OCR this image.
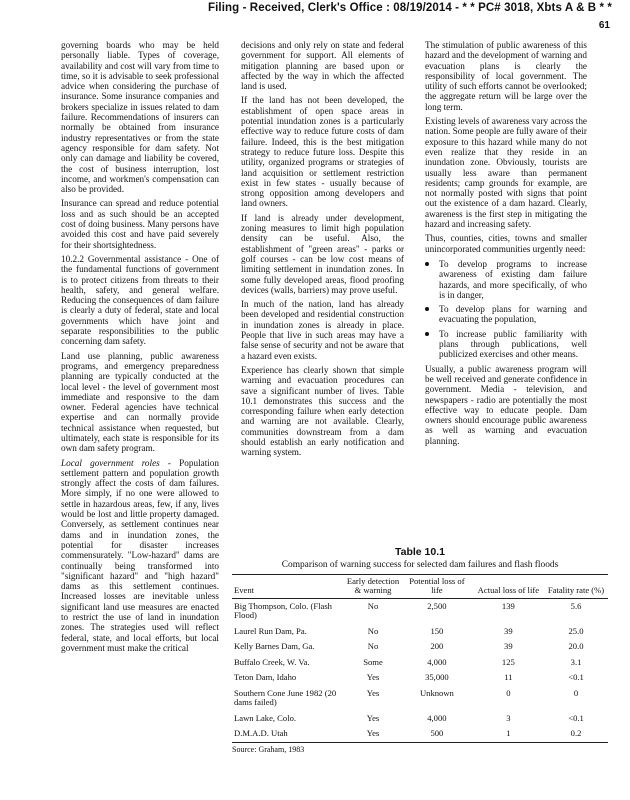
Filing - Received, Clerk's Office : 08/19/2014 - * * PC# 3018, Xbts A & B * *
61

governing boards who may be held personally liable. Types of coverage, availability and cost will vary from time to time, so it is advisable to seek professional advice when considering the purchase of insurance. Some insurance companies and brokers specialize in issues related to dam failure. Recommendations of insurers can normally be obtained from insurance industry representatives or from the state agency responsible for dam safety. Not only can damage and liability be covered, the cost of business interruption, lost income, and workmen's compensation can also be provided.

Insurance can spread and reduce potential loss and as such should be an accepted cost of doing business. Many persons have avoided this cost and have paid severely for their shortsightedness.

10.2.2 Governmental assistance - One of the fundamental functions of government is to protect citizens from threats to their health, safety, and general welfare. Reducing the consequences of dam failure is clearly a duty of federal, state and local governments which have joint and separate responsibilities to the public concerning dam safety.

Land use planning, public awareness programs, and emergency preparedness planning are typically conducted at the local level - the level of government most immediate and responsive to the dam owner. Federal agencies have technical expertise and can normally provide technical assistance when requested, but ultimately, each state is responsible for its own dam safety program.

Local government roles - Population settlement pattern and population growth strongly affect the costs of dam failures. More simply, if no one were allowed to settle in hazardous areas, few, if any, lives would be lost and little property damaged. Conversely, as settlement continues near dams and in inundation zones, the potential for disaster increases commensurately. "Low-hazard" dams are continually being transformed into "significant hazard" and "high hazard" dams as this settlement continues. Increased losses are inevitable unless significant land use measures are enacted to restrict the use of land in inundation zones. The strategies used will reflect federal, state, and local efforts, but local government must make the critical

decisions and only rely on state and federal government for support. All elements of mitigation planning are based upon or affected by the way in which the affected land is used.

If the land has not been developed, the establishment of open space areas in potential inundation zones is a particularly effective way to reduce future costs of dam failure. Indeed, this is the best mitigation strategy to reduce future loss. Despite this utility, organized programs or strategies of land acquisition or settlement restriction exist in few states - usually because of strong opposition among developers and land owners.

If land is already under development, zoning measures to limit high population density can be useful. Also, the establishment of "green areas" - parks or golf courses - can be low cost means of limiting settlement in inundation zones. In some fully developed areas, flood proofing devices (walls, barriers) may prove useful.

In much of the nation, land has already been developed and residential construction in inundation zones is already in place. People that live in such areas may have a false sense of security and not be aware that a hazard even exists.

Experience has clearly shown that simple warning and evacuation procedures can save a significant number of lives. Table 10.1 demonstrates this success and the corresponding failure when early detection and warning are not available. Clearly, communities downstream from a dam should establish an early notification and warning system.

The stimulation of public awareness of this hazard and the development of warning and evacuation plans is clearly the responsibility of local government. The utility of such efforts cannot be overlooked; the aggregate return will be large over the long term.

Existing levels of awareness vary across the nation. Some people are fully aware of their exposure to this hazard while many do not even realize that they reside in an inundation zone. Obviously, tourists are usually less aware than permanent residents; camp grounds for example, are not normally posted with signs that point out the existence of a dam hazard. Clearly, awareness is the first step in mitigating the hazard and increasing safety.

Thus, counties, cities, towns and smaller unincorporated communities urgently need:

• To develop programs to increase awareness of existing dam failure hazards, and more specifically, of who is in danger,
• To develop plans for warning and evacuating the population,
• To increase public familiarity with plans through publications, well publicized exercises and other means.

Usually, a public awareness program will be well received and generate confidence in government. Media - television, and newspapers - radio are potentially the most effective way to educate people. Dam owners should encourage public awareness as well as warning and evacuation planning.

Table 10.1
Comparison of warning success for selected dam failures and flash floods
Event	Early detection & warning	Potential loss of life	Actual loss of life	Fatality rate (%)
Big Thompson, Colo. (Flash Flood)	No	2,500	139	5.6
Laurel Run Dam, Pa.	No	150	39	25.0
Kelly Barnes Dam, Ga.	No	200	39	20.0
Buffalo Creek, W. Va.	Some	4,000	125	3.1
Teton Dam, Idaho	Yes	35,000	11	<0.1
Southern Cone June 1982 (20 dams failed)	Yes	Unknown	0	0
Lawn Lake, Colo.	Yes	4,000	3	<0.1
D.M.A.D. Utah	Yes	500	1	0.2
Source: Graham, 1983
